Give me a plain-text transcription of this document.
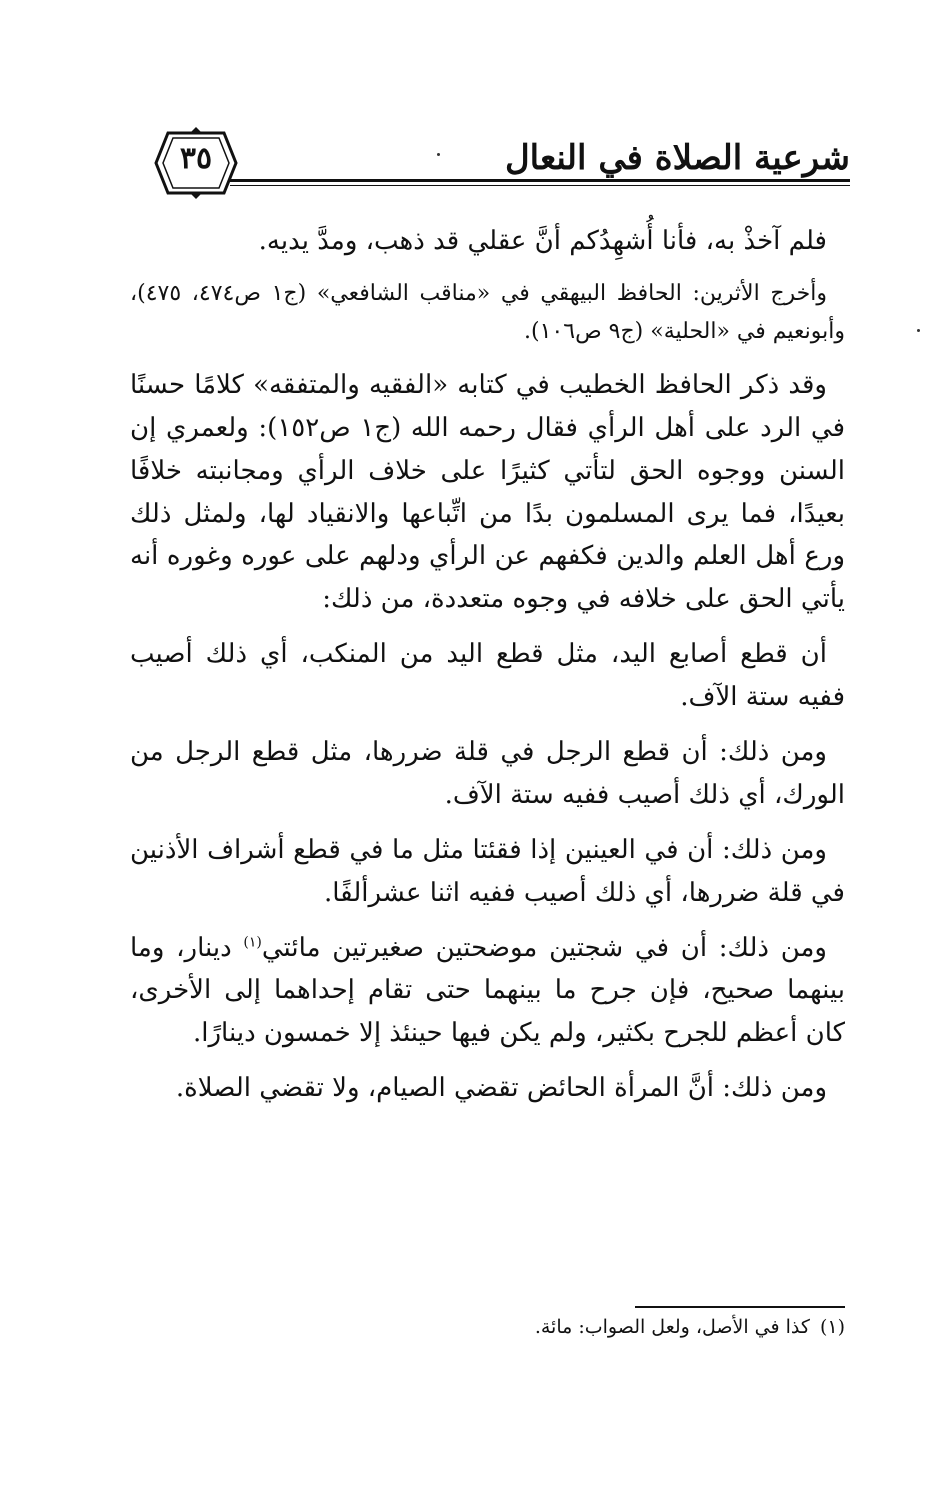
شرعية الصلاة في النعال
٣٥

فلم آخذْ به، فأنا أُشهِدُكم أنَّ عقلي قد ذهب، ومدَّ يديه.

وأخرج الأثرين: الحافظ البيهقي في «مناقب الشافعي» (ج١ ص٤٧٤، ٤٧٥)، وأبونعيم في «الحلية» (ج٩ ص١٠٦).

وقد ذكر الحافظ الخطيب في كتابه «الفقيه والمتفقه» كلامًا حسنًا في الرد على أهل الرأي فقال رحمه الله (ج١ ص١٥٢): ولعمري إن السنن ووجوه الحق لتأتي كثيرًا على خلاف الرأي ومجانبته خلافًا بعيدًا، فما يرى المسلمون بدًا من اتِّباعها والانقياد لها، ولمثل ذلك ورع أهل العلم والدين فكفهم عن الرأي ودلهم على عوره وغوره أنه يأتي الحق على خلافه في وجوه متعددة، من ذلك:

أن قطع أصابع اليد، مثل قطع اليد من المنكب، أي ذلك أصيب ففيه ستة الآف.

ومن ذلك: أن قطع الرجل في قلة ضررها، مثل قطع الرجل من الورك، أي ذلك أصيب ففيه ستة الآف.

ومن ذلك: أن في العينين إذا فقئتا مثل ما في قطع أشراف الأذنين في قلة ضررها، أي ذلك أصيب ففيه اثنا عشرألفًا.

ومن ذلك: أن في شجتين موضحتين صغيرتين مائتي$^{(١)}$ دينار، وما بينهما صحيح، فإن جرح ما بينهما حتى تقام إحداهما إلى الأخرى، كان أعظم للجرح بكثير، ولم يكن فيها حينئذ إلا خمسون دينارًا.

ومن ذلك: أنَّ المرأة الحائض تقضي الصيام، ولا تقضي الصلاة.

(١)كذا في الأصل، ولعل الصواب: مائة.
